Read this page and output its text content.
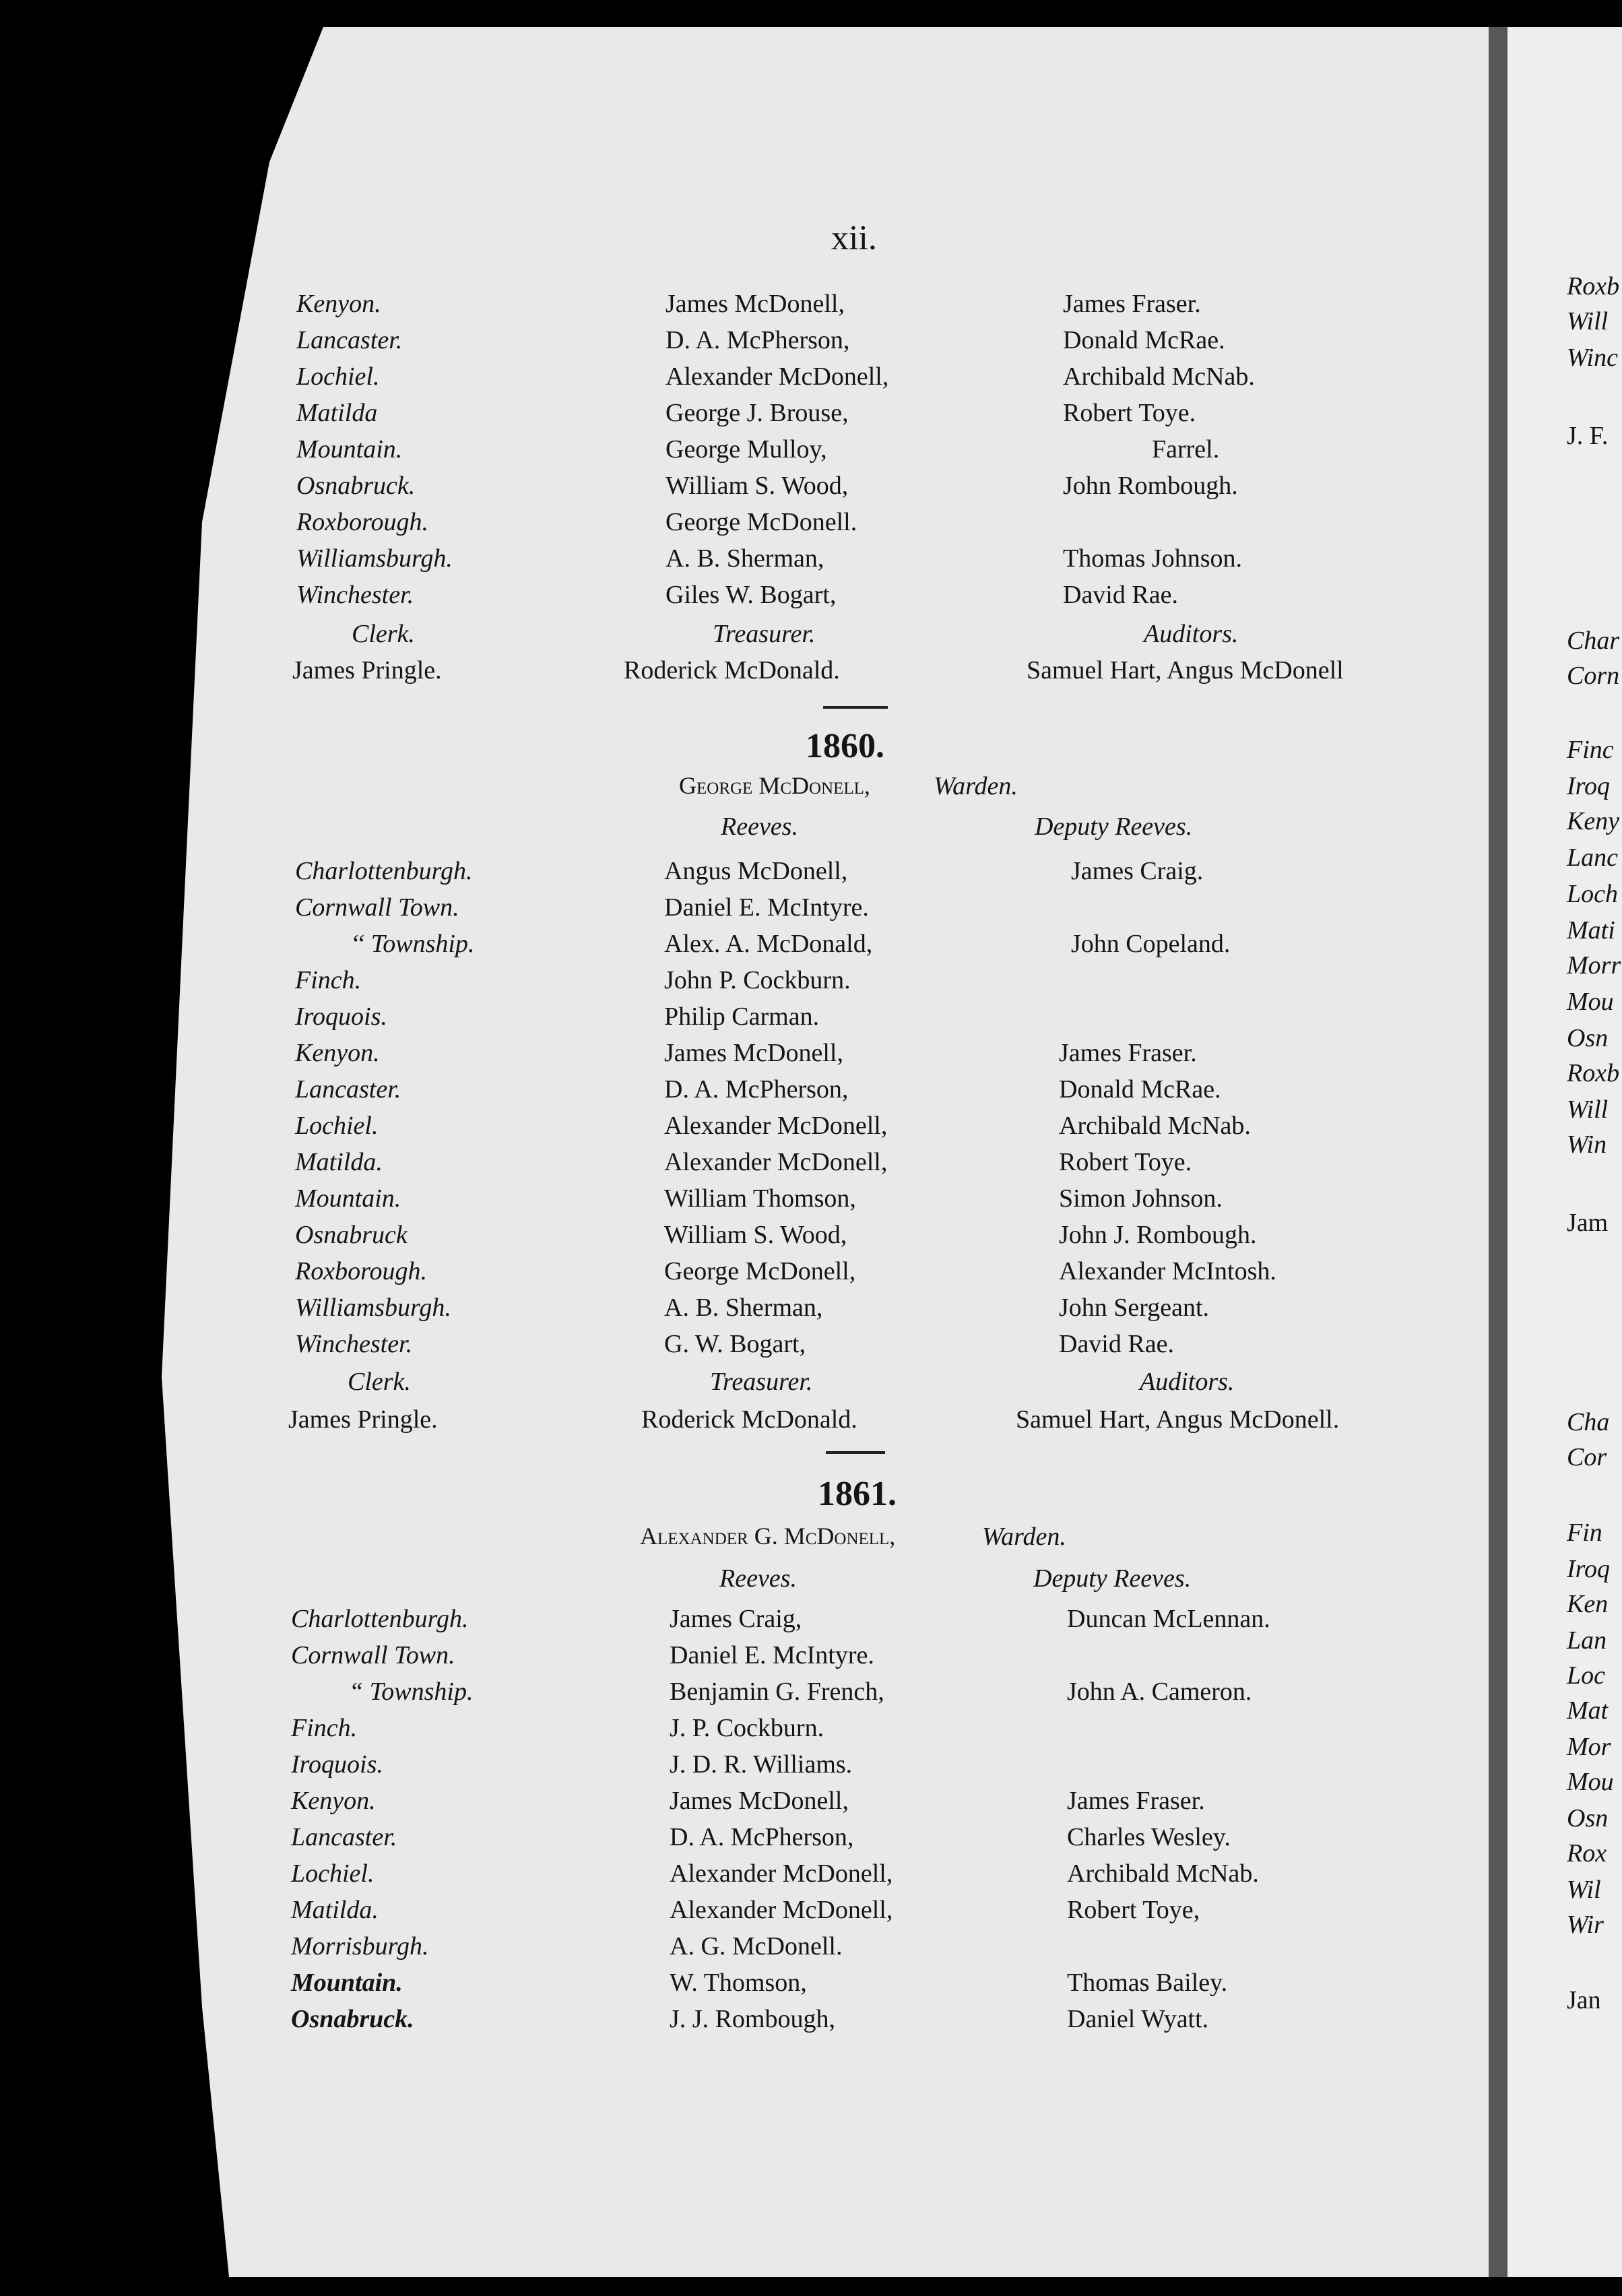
xii.
Kenyon.	James McDonell,	James Fraser.
Lancaster.	D. A. McPherson,	Donald McRae.
Lochiel.	Alexander McDonell,	Archibald McNab.
Matilda	George J. Brouse,	Robert Toye.
Mountain.	George Mulloy,	Farrel.
Osnabruck.	William S. Wood,	John Rombough.
Roxborough.	George McDonell.
Williamsburgh.	A. B. Sherman,	Thomas Johnson.
Winchester.	Giles W. Bogart,	David Rae.
Clerk.	Treasurer.	Auditors.
James Pringle.	Roderick McDonald.	Samuel Hart, Angus McDonell
1860.
George McDonell, Warden.
Reeves.	Deputy Reeves.
Charlottenburgh.	Angus McDonell,	James Craig.
Cornwall Town.	Daniel E. McIntyre.
‘‘ Township.	Alex. A. McDonald,	John Copeland.
Finch.	John P. Cockburn.
Iroquois.	Philip Carman.
Kenyon.	James McDonell,	James Fraser.
Lancaster.	D. A. McPherson,	Donald McRae.
Lochiel.	Alexander McDonell,	Archibald McNab.
Matilda.	Alexander McDonell,	Robert Toye.
Mountain.	William Thomson,	Simon Johnson.
Osnabruck	William S. Wood,	John J. Rombough.
Roxborough.	George McDonell,	Alexander McIntosh.
Williamsburgh.	A. B. Sherman,	John Sergeant.
Winchester.	G. W. Bogart,	David Rae.
Clerk.	Treasurer.	Auditors.
James Pringle.	Roderick McDonald.	Samuel Hart, Angus McDonell.
1861.
Alexander G. McDonell,	Warden.
Reeves.	Deputy Reeves.
Charlottenburgh.	James Craig,	Duncan McLennan.
Cornwall Town.	Daniel E. McIntyre.
“ Township.	Benjamin G. French,	John A. Cameron.
Finch.	J. P. Cockburn.
Iroquois.	J. D. R. Williams.
Kenyon.	James McDonell,	James Fraser.
Lancaster.	D. A. McPherson,	Charles Wesley.
Lochiel.	Alexander McDonell,	Archibald McNab.
Matilda.	Alexander McDonell,	Robert Toye,
Morrisburgh.	A. G. McDonell.
Mountain.	W. Thomson,	Thomas Bailey.
Osnabruck.	J. J. Rombough,	Daniel Wyatt.
Roxb
Will
Winc
J. F.
Char
Corn
Finc
Iroq
Keny
Lanc
Loch
Mati
Morr
Mou
Osn
Roxb
Will
Win
Jam
Cha
Cor
Fin
Iroq
Ken
Lan
Loc
Mat
Mor
Mou
Osn
Rox
Wil
Wir
Jan
